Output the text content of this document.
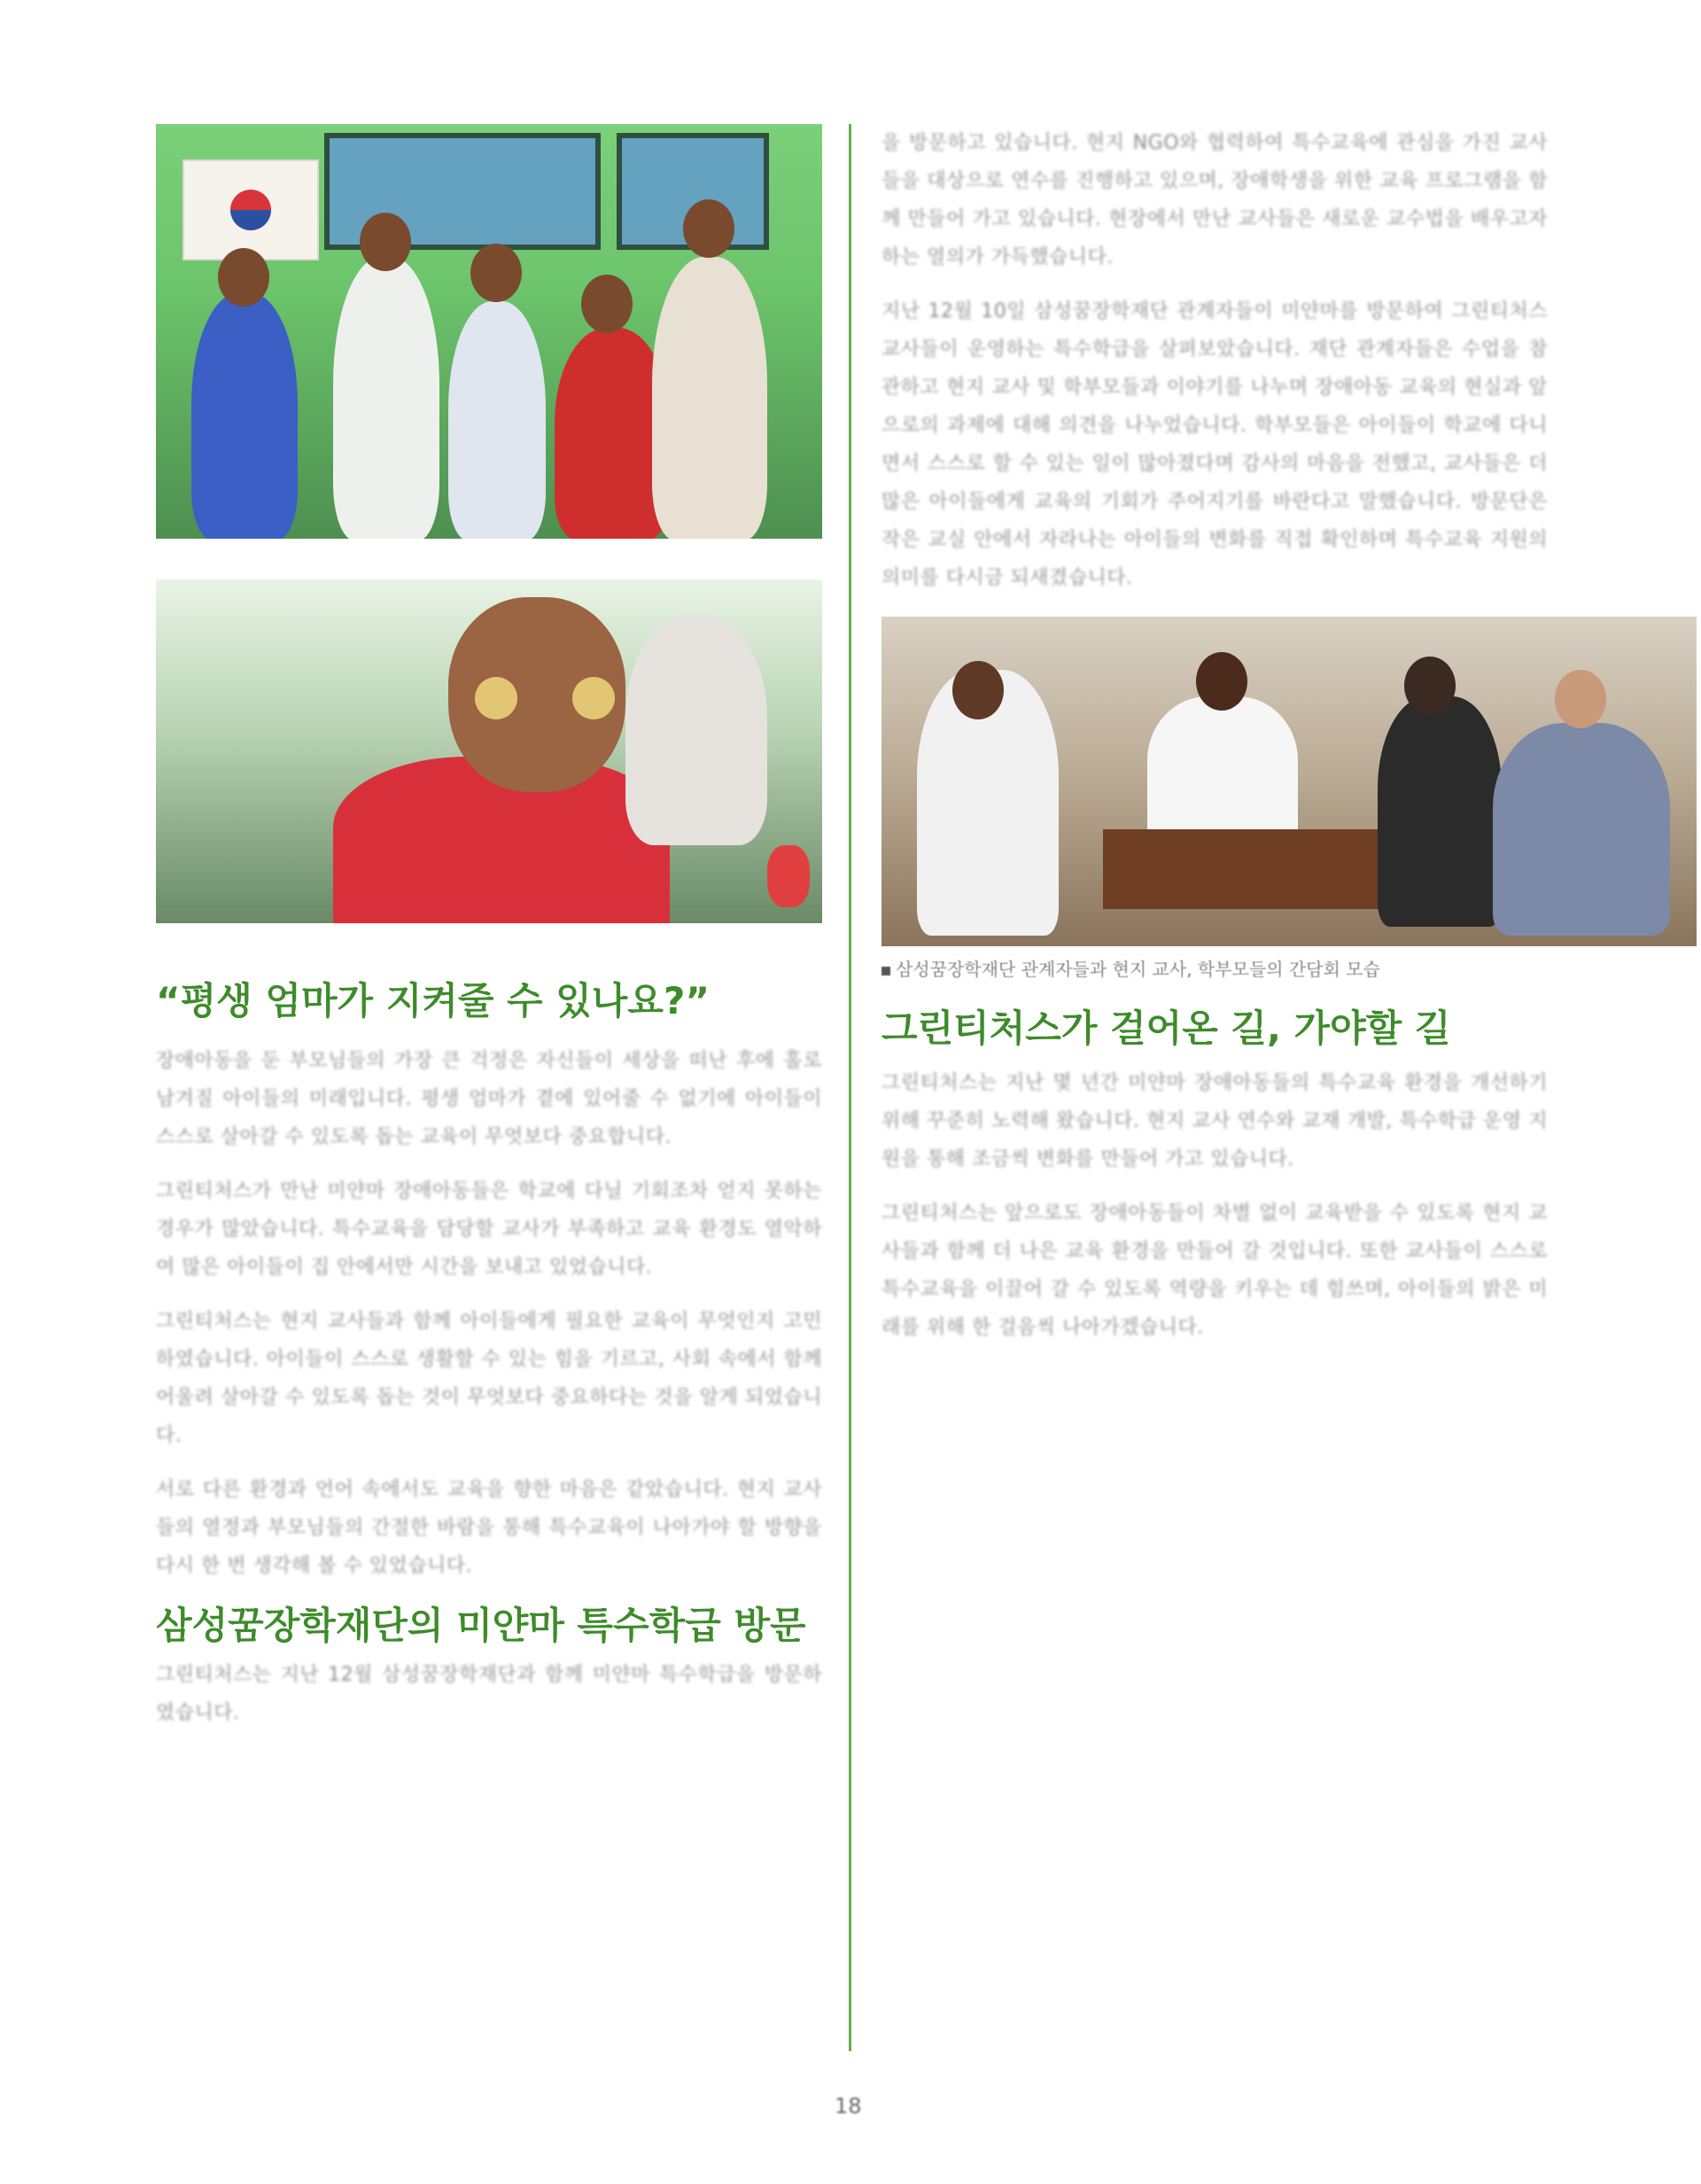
“평생 엄마가 지켜줄 수 있나요?”

장애아동을 둔 부모님들의 가장 큰 걱정은 자신들이 세상을 떠난 후에 홀로 남겨질 아이들의 미래입니다. 평생 엄마가 곁에 있어줄 수 없기에 아이들이 스스로 살아갈 수 있도록 돕는 교육이 무엇보다 중요합니다.

그린티처스가 만난 미얀마 장애아동들은 학교에 다닐 기회조차 얻지 못하는 경우가 많았습니다. 특수교육을 담당할 교사가 부족하고 교육 환경도 열악하여 많은 아이들이 집 안에서만 시간을 보내고 있었습니다.

그린티처스는 현지 교사들과 함께 아이들에게 필요한 교육이 무엇인지 고민하였습니다. 아이들이 스스로 생활할 수 있는 힘을 기르고, 사회 속에서 함께 어울려 살아갈 수 있도록 돕는 것이 무엇보다 중요하다는 것을 알게 되었습니다.

서로 다른 환경과 언어 속에서도 교육을 향한 마음은 같았습니다. 현지 교사들의 열정과 부모님들의 간절한 바람을 통해 특수교육이 나아가야 할 방향을 다시 한 번 생각해 볼 수 있었습니다.

삼성꿈장학재단의 미얀마 특수학급 방문

그린티처스는 지난 12월 삼성꿈장학재단과 함께 미얀마 특수학급을 방문하였습니다.

을 방문하고 있습니다. 현지 NGO와 협력하여 특수교육에 관심을 가진 교사들을 대상으로 연수를 진행하고 있으며, 장애학생을 위한 교육 프로그램을 함께 만들어 가고 있습니다. 현장에서 만난 교사들은 새로운 교수법을 배우고자 하는 열의가 가득했습니다.

지난 12월 10일 삼성꿈장학재단 관계자들이 미얀마를 방문하여 그린티처스 교사들이 운영하는 특수학급을 살펴보았습니다. 재단 관계자들은 수업을 참관하고 현지 교사 및 학부모들과 이야기를 나누며 장애아동 교육의 현실과 앞으로의 과제에 대해 의견을 나누었습니다. 학부모들은 아이들이 학교에 다니면서 스스로 할 수 있는 일이 많아졌다며 감사의 마음을 전했고, 교사들은 더 많은 아이들에게 교육의 기회가 주어지기를 바란다고 말했습니다. 방문단은 작은 교실 안에서 자라나는 아이들의 변화를 직접 확인하며 특수교육 지원의 의미를 다시금 되새겼습니다.

삼성꿈장학재단 관계자들과 현지 교사, 학부모들의 간담회 모습
그린티처스가 걸어온 길, 가야할 길

그린티처스는 지난 몇 년간 미얀마 장애아동들의 특수교육 환경을 개선하기 위해 꾸준히 노력해 왔습니다. 현지 교사 연수와 교재 개발, 특수학급 운영 지원을 통해 조금씩 변화를 만들어 가고 있습니다.

그린티처스는 앞으로도 장애아동들이 차별 없이 교육받을 수 있도록 현지 교사들과 함께 더 나은 교육 환경을 만들어 갈 것입니다. 또한 교사들이 스스로 특수교육을 이끌어 갈 수 있도록 역량을 키우는 데 힘쓰며, 아이들의 밝은 미래를 위해 한 걸음씩 나아가겠습니다.

18
